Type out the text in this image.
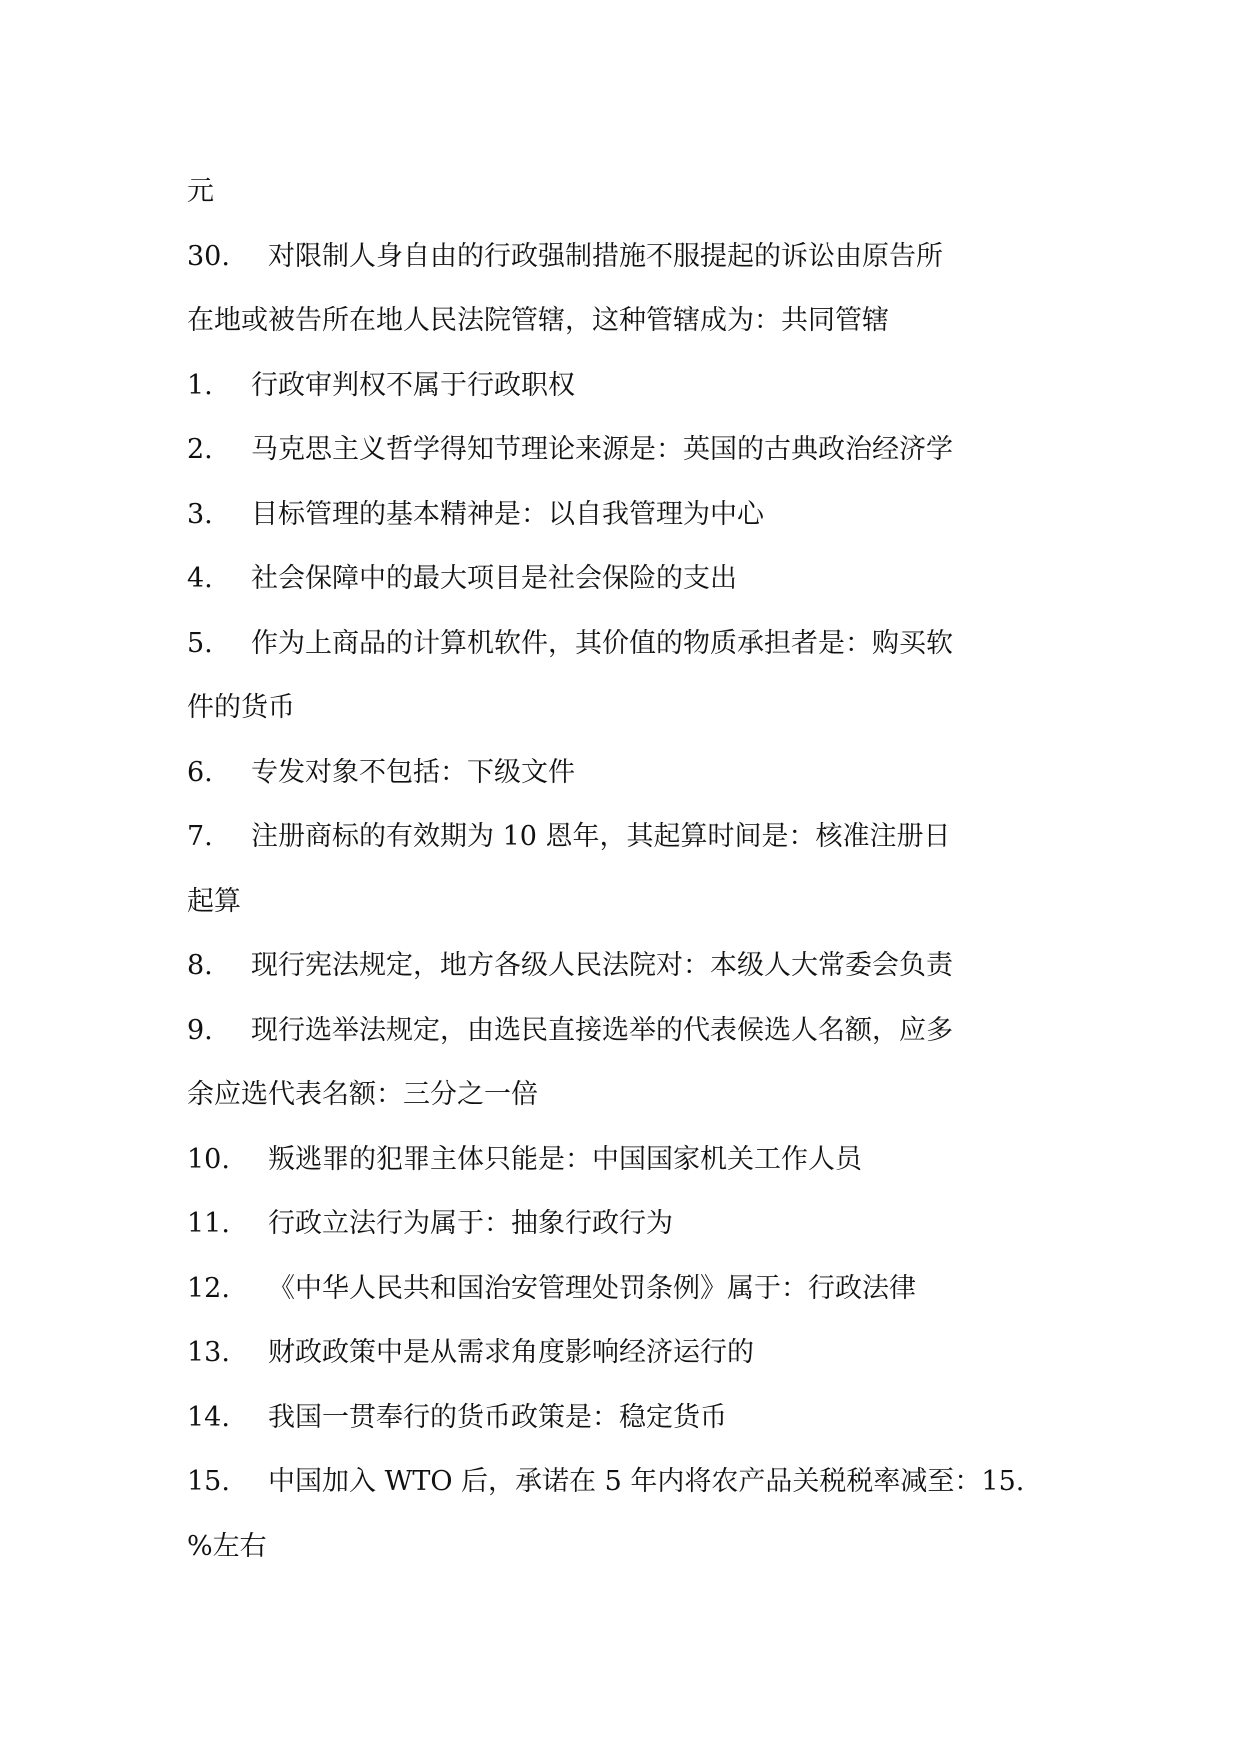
元
30.	对限制人身自由的行政强制措施不服提起的诉讼由原告所
在地或被告所在地人民法院管辖，这种管辖成为：共同管辖
1.	行政审判权不属于行政职权
2.	马克思主义哲学得知节理论来源是：英国的古典政治经济学
3.	目标管理的基本精神是：以自我管理为中心
4.	社会保障中的最大项目是社会保险的支出
5.	作为上商品的计算机软件，其价值的物质承担者是：购买软
件的货币
6.	专发对象不包括：下级文件
7.	注册商标的有效期为 10 恩年，其起算时间是：核准注册日
起算
8.	现行宪法规定，地方各级人民法院对：本级人大常委会负责
9.	现行选举法规定，由选民直接选举的代表候选人名额，应多
余应选代表名额：三分之一倍
10.	叛逃罪的犯罪主体只能是：中国国家机关工作人员
11.	行政立法行为属于：抽象行政行为
12.	《中华人民共和国治安管理处罚条例》属于：行政法律
13.	财政政策中是从需求角度影响经济运行的
14.	我国一贯奉行的货币政策是：稳定货币
15.	中国加入 WTO 后，承诺在 5 年内将农产品关税税率减至：15.
%左右
